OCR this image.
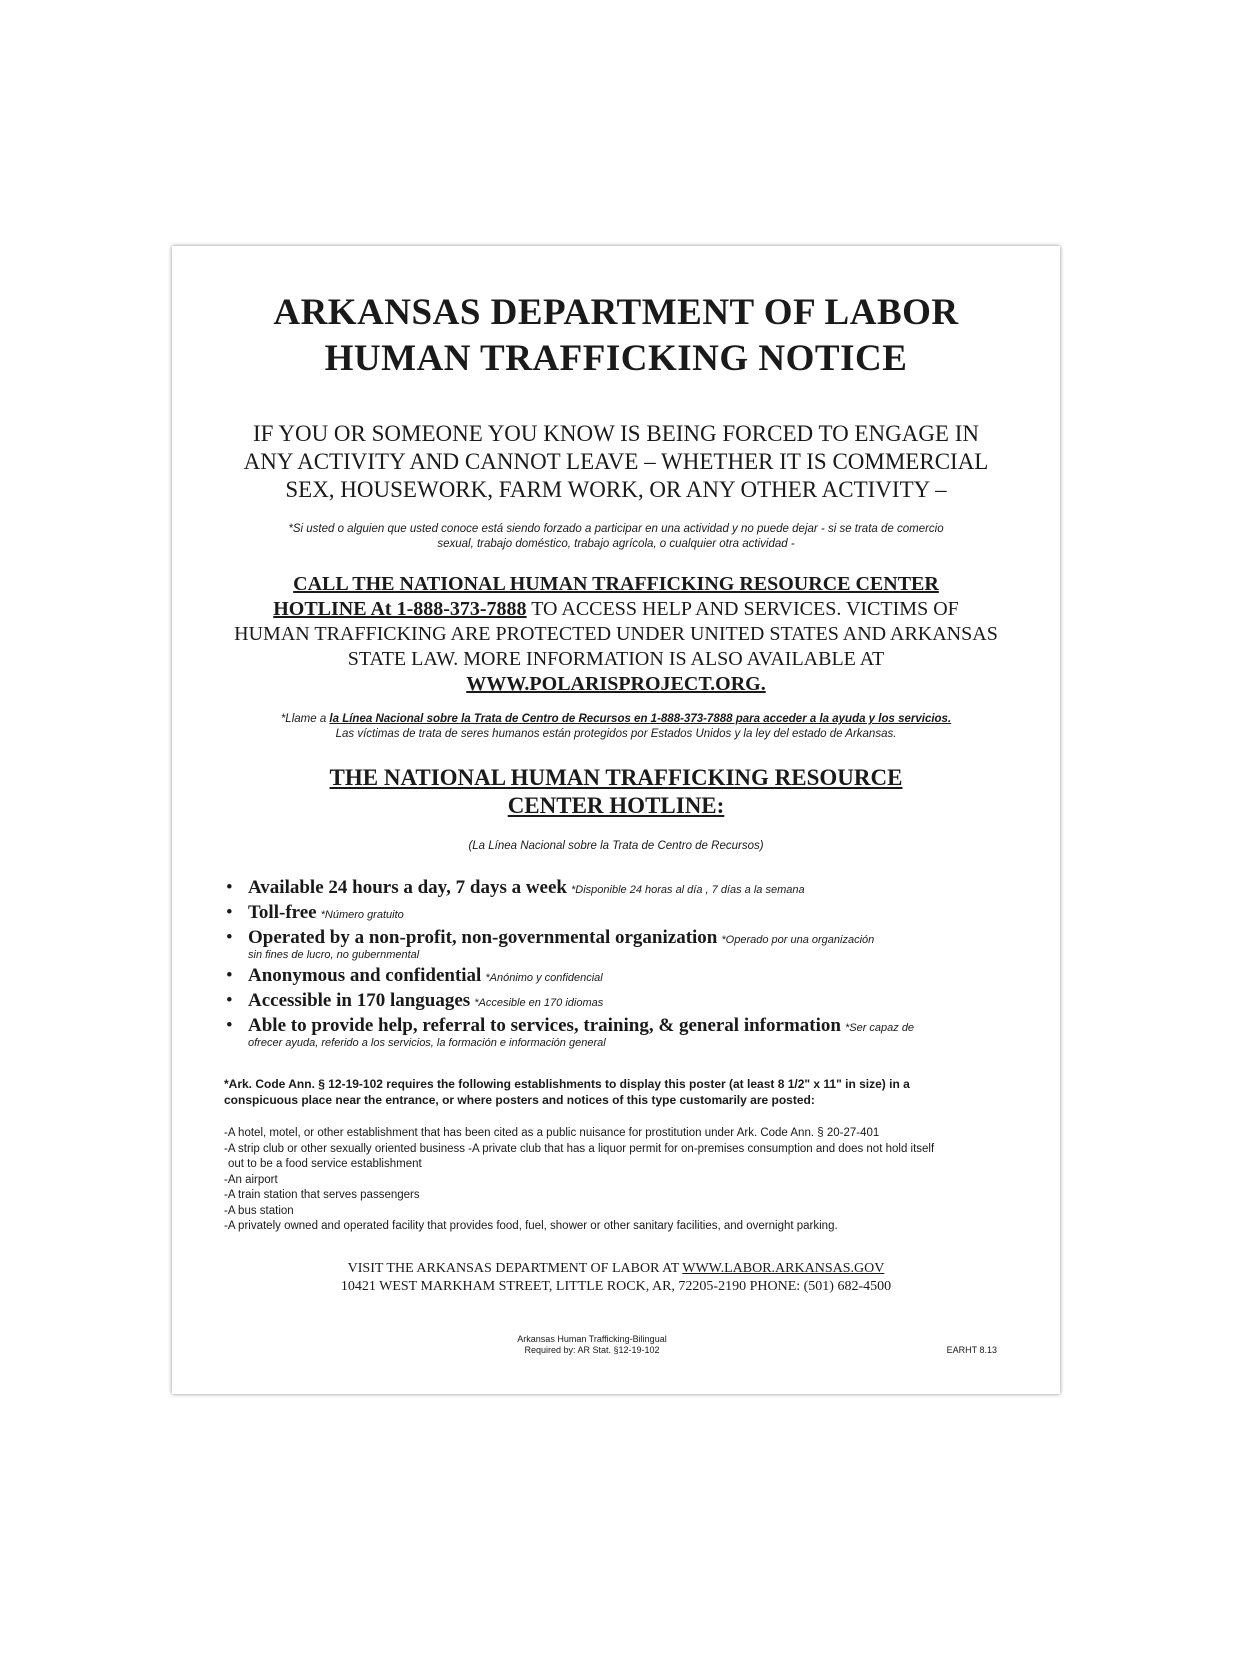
ARKANSAS DEPARTMENT OF LABOR
HUMAN TRAFFICKING NOTICE
IF YOU OR SOMEONE YOU KNOW IS BEING FORCED TO ENGAGE IN
ANY ACTIVITY AND CANNOT LEAVE – WHETHER IT IS COMMERCIAL
SEX, HOUSEWORK, FARM WORK, OR ANY OTHER ACTIVITY –
*Si usted o alguien que usted conoce está siendo forzado a participar en una actividad y no puede dejar - si se trata de comercio
sexual, trabajo doméstico, trabajo agrícola, o cualquier otra actividad -
CALL THE NATIONAL HUMAN TRAFFICKING RESOURCE CENTER
HOTLINE At 1-888-373-7888 TO ACCESS HELP AND SERVICES. VICTIMS OF
HUMAN TRAFFICKING ARE PROTECTED UNDER UNITED STATES AND ARKANSAS
STATE LAW. MORE INFORMATION IS ALSO AVAILABLE AT
WWW.POLARISPROJECT.ORG.
*Llame a la Línea Nacional sobre la Trata de Centro de Recursos en 1-888-373-7888 para acceder a la ayuda y los servicios.
Las víctimas de trata de seres humanos están protegidos por Estados Unidos y la ley del estado de Arkansas.
THE NATIONAL HUMAN TRAFFICKING RESOURCE
CENTER HOTLINE:
(La Línea Nacional sobre la Trata de Centro de Recursos)
• Available 24 hours a day, 7 days a week *Disponible 24 horas al día , 7 días a la semana
• Toll-free *Número gratuito
• Operated by a non-profit, non-governmental organization *Operado por una organización
sin fines de lucro, no gubernmental
• Anonymous and confidential *Anónimo y confidencial
• Accessible in 170 languages *Accesible en 170 idiomas
• Able to provide help, referral to services, training, & general information *Ser capaz de
ofrecer ayuda, referido a los servicios, la formación e información general
*Ark. Code Ann. § 12-19-102 requires the following establishments to display this poster (at least 8 1/2" x 11" in size) in a
conspicuous place near the entrance, or where posters and notices of this type customarily are posted:
-A hotel, motel, or other establishment that has been cited as a public nuisance for prostitution under Ark. Code Ann. § 20-27-401
-A strip club or other sexually oriented business -A private club that has a liquor permit for on-premises consumption and does not hold itself
out to be a food service establishment
-An airport
-A train station that serves passengers
-A bus station
-A privately owned and operated facility that provides food, fuel, shower or other sanitary facilities, and overnight parking.
VISIT THE ARKANSAS DEPARTMENT OF LABOR AT WWW.LABOR.ARKANSAS.GOV
10421 WEST MARKHAM STREET, LITTLE ROCK, AR, 72205-2190 PHONE: (501) 682-4500
Arkansas Human Trafficking-Bilingual
Required by: AR Stat. §12-19-102	EARHT 8.13
